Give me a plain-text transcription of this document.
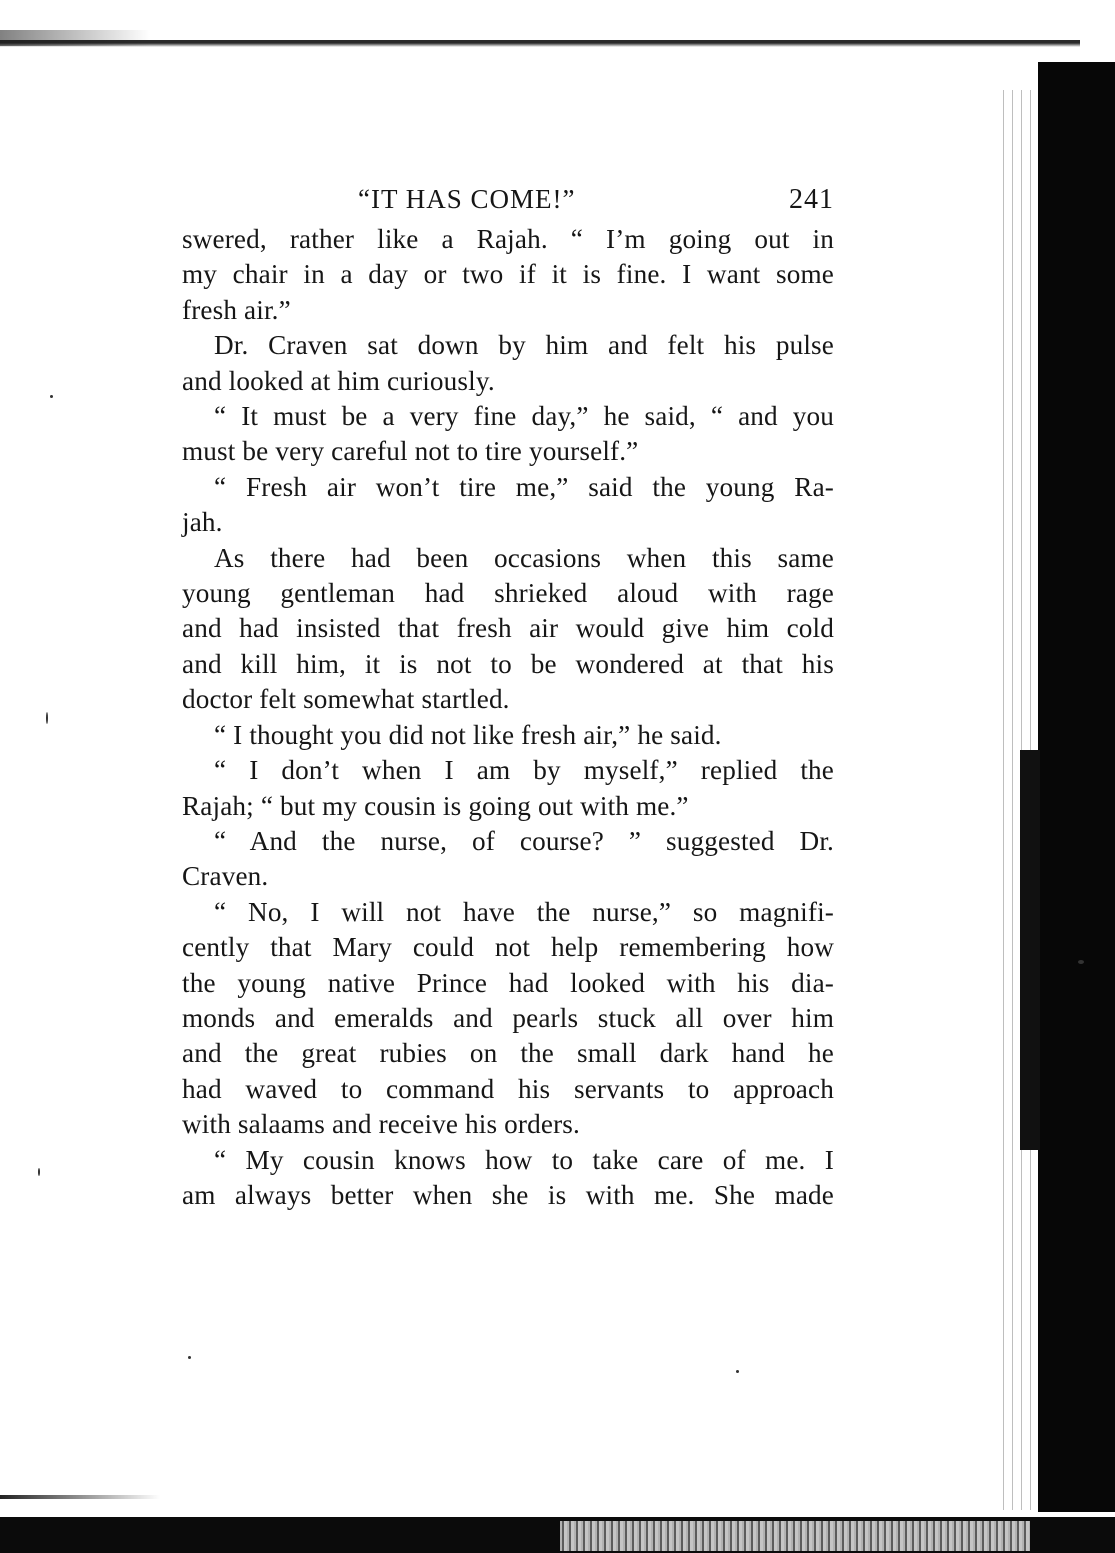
“IT HAS COME!”	241

swered, rather like a Rajah. “ I’m going out in

my chair in a day or two if it is fine. I want some

fresh air.”

Dr. Craven sat down by him and felt his pulse

and looked at him curiously.

“ It must be a very fine day,” he said, “ and you

must be very careful not to tire yourself.”

“ Fresh air won’t tire me,” said the young Ra-

jah.

As there had been occasions when this same

young gentleman had shrieked aloud with rage

and had insisted that fresh air would give him cold

and kill him, it is not to be wondered at that his

doctor felt somewhat startled.

“ I thought you did not like fresh air,” he said.

“ I don’t when I am by myself,” replied the

Rajah; “ but my cousin is going out with me.”

“ And the nurse, of course? ” suggested Dr.

Craven.

“ No, I will not have the nurse,” so magnifi-

cently that Mary could not help remembering how

the young native Prince had looked with his dia-

monds and emeralds and pearls stuck all over him

and the great rubies on the small dark hand he

had waved to command his servants to approach

with salaams and receive his orders.

“ My cousin knows how to take care of me. I

am always better when she is with me. She made
